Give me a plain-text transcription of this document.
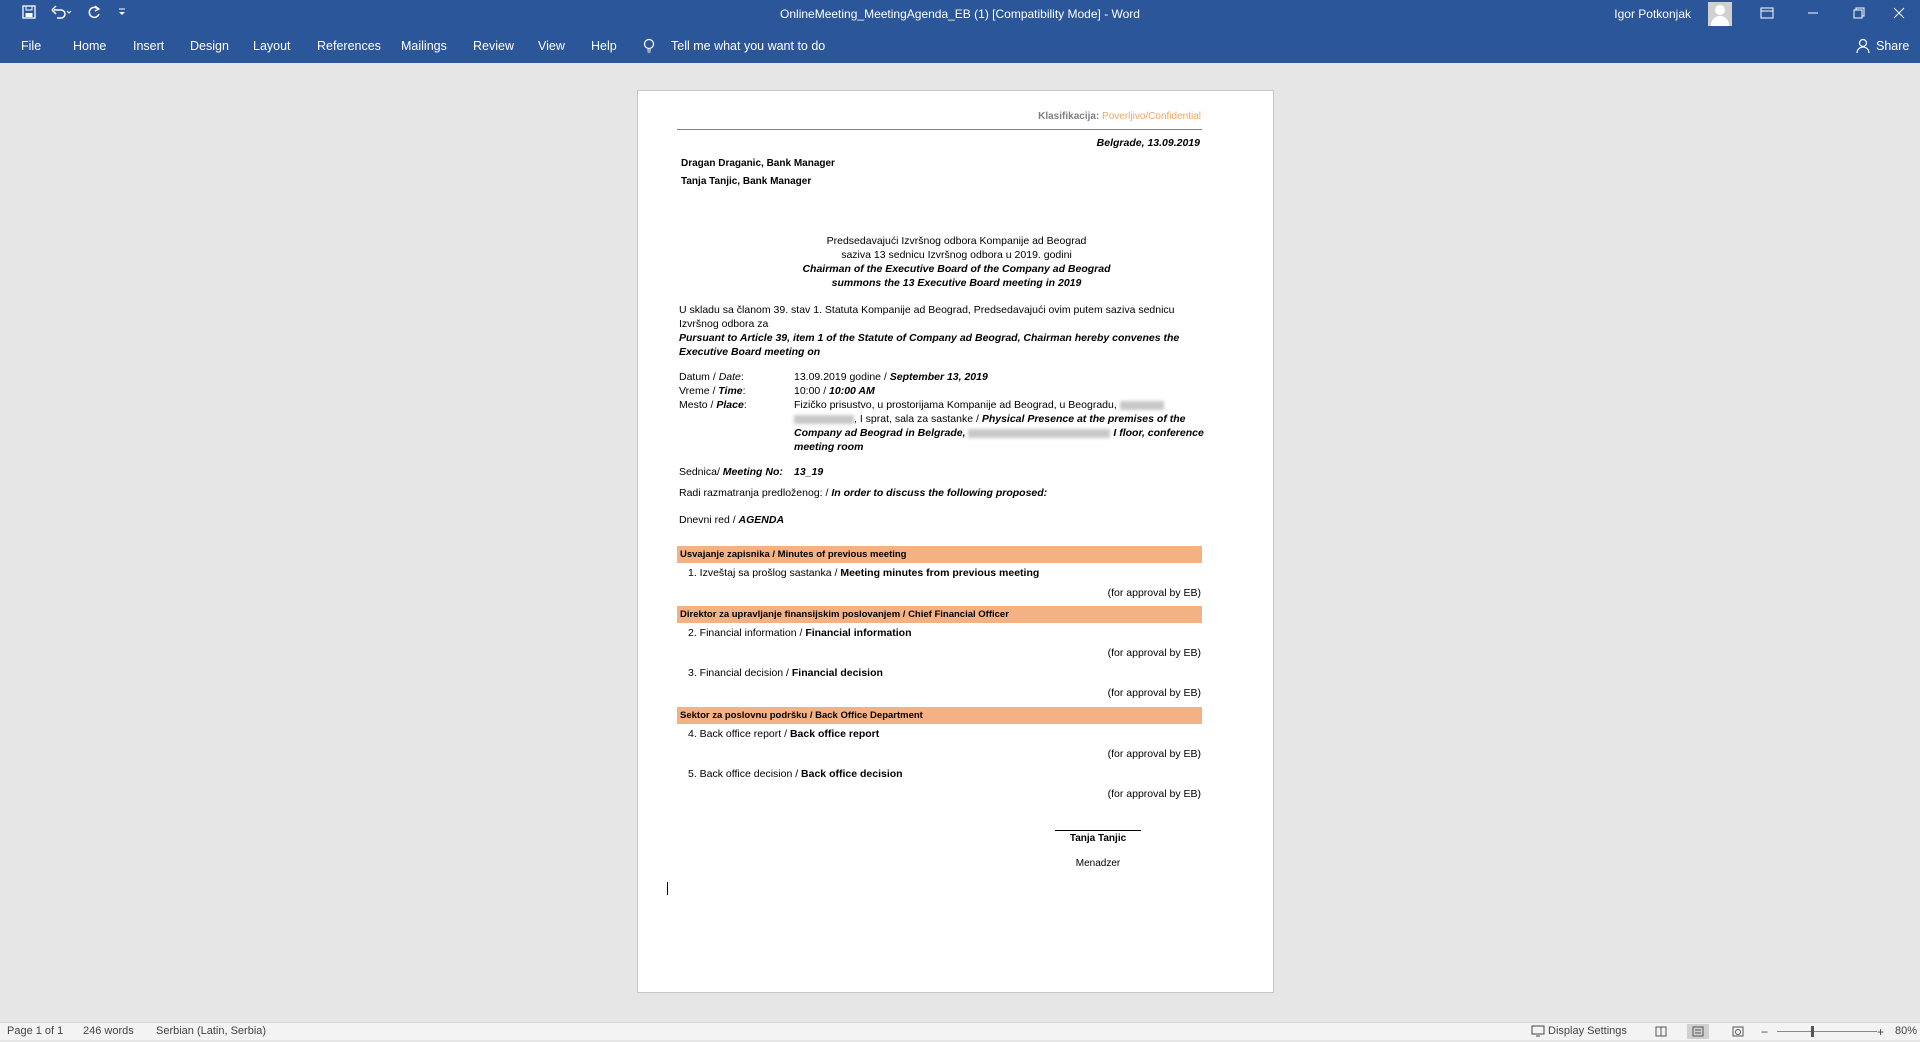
OnlineMeeting_MeetingAgenda_EB (1) [Compatibility Mode] - Word	Igor Potkonjak
File	Home Insert Design Layout References Mailings Review View Help	Tell me what you want to do	Share
Klasifikacija: Poverljivo/Confidential
Belgrade, 13.09.2019
Dragan Draganic, Bank Manager
Tanja Tanjic, Bank Manager
Predsedavajući Izvršnog odbora Kompanije ad Beograd
saziva 13 sednicu Izvršnog odbora u 2019. godini
Chairman of the Executive Board of the Company ad Beograd
summons the 13 Executive Board meeting in 2019
U skladu sa članom 39. stav 1. Statuta Kompanije ad Beograd, Predsedavajući ovim putem saziva sednicu
Izvršnog odbora za
Pursuant to Article 39, item 1 of the Statute of Company ad Beograd, Chairman hereby convenes the
Executive Board meeting on
Datum / Date:	13.09.2019 godine / September 13, 2019
Vreme / Time:	10:00 / 10:00 AM
Mesto / Place:	Fizičko prisustvo, u prostorijama Kompanije ad Beograd, u Beogradu,
, I sprat, sala za sastanke / Physical Presence at the premises of the
Company ad Beograd in Belgrade,	I floor, conference
meeting room
Sednica/ Meeting No: 13_19
Radi razmatranja predloženog: / In order to discuss the following proposed:
Dnevni red / AGENDA
Usvajanje zapisnika / Minutes of previous meeting
1. Izveštaj sa prošlog sastanka / Meeting minutes from previous meeting
(for approval by EB)
Direktor za upravljanje finansijskim poslovanjem / Chief Financial Officer
2. Financial information / Financial information
(for approval by EB)
3. Financial decision / Financial decision
(for approval by EB)
Sektor za poslovnu podršku / Back Office Department
4. Back office report / Back office report
(for approval by EB)
5. Back office decision / Back office decision
(for approval by EB)
Tanja Tanjic
Menadzer
Page 1 of 1 246 words Serbian (Latin, Serbia)	Display Settings	−	+ 80%
